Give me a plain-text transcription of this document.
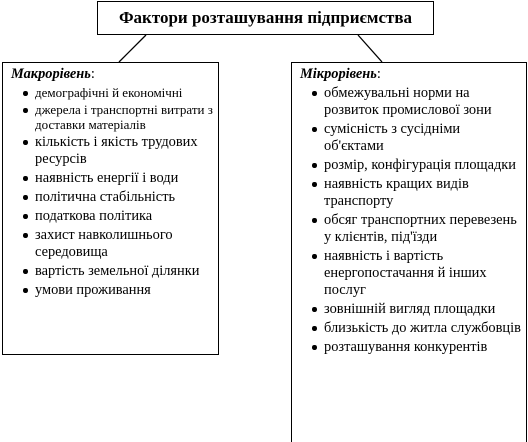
Фактори розташування підприємства
Макрорівень:
демографічні й економічні
джерела і транспортні витрати з доставки матеріалів
кількість і якість трудових ресурсів
наявність енергії і води
політична стабільність
податкова політика
захист навколишнього середовища
вартість земельної ділянки
умови проживання
Мікрорівень:
обмежувальні норми на розвиток промислової зони
сумісність з сусідніми об'єктами
розмір, конфігурація площадки
наявність кращих видів транспорту
обсяг транспортних перевезень у клієнтів, під'їзди
наявність і вартість енергопостачання й інших послуг
зовнішній вигляд площадки
близькість до житла службовців
розташування конкурентів
